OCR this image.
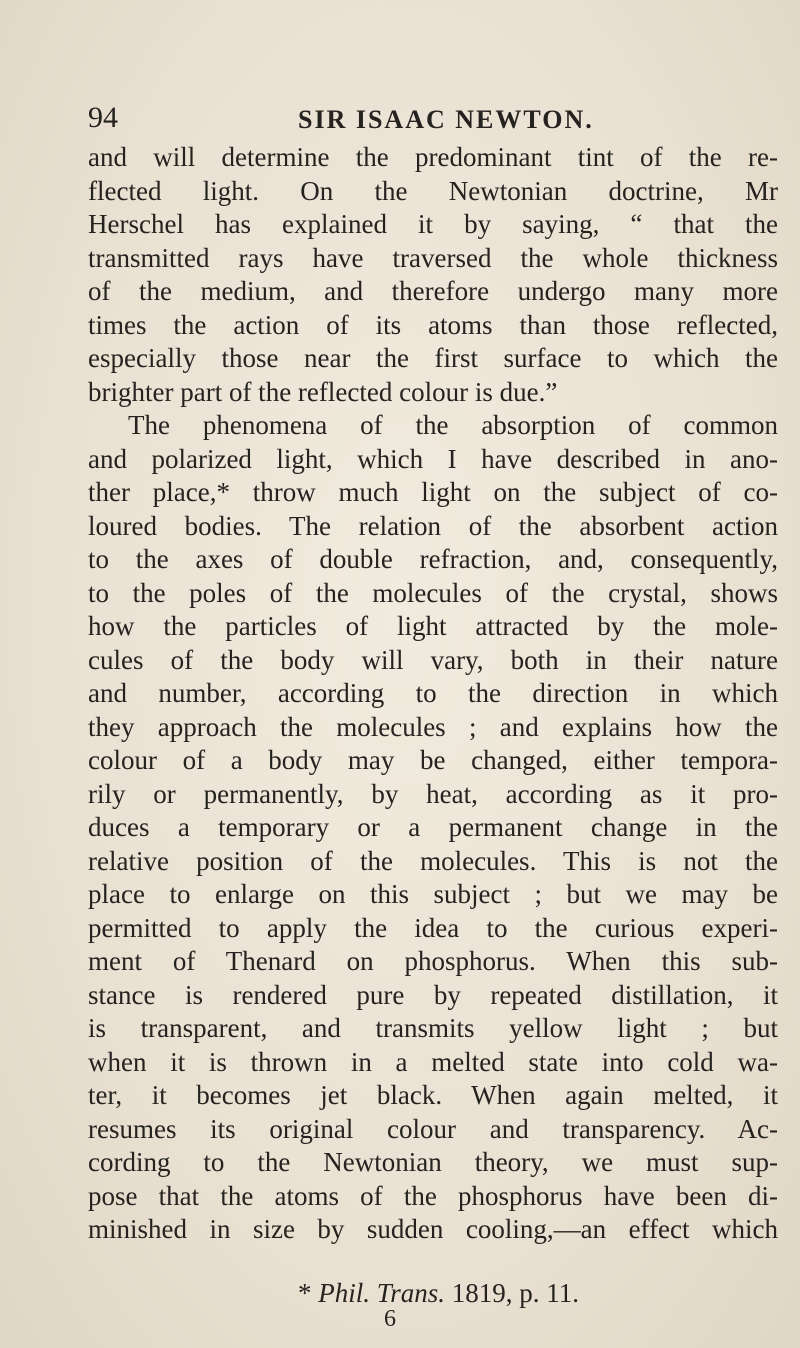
94	SIR ISAAC NEWTON.
and will determine the predominant tint of the re-
flected light. On the Newtonian doctrine, Mr
Herschel has explained it by saying, “ that the
transmitted rays have traversed the whole thickness
of the medium, and therefore undergo many more
times the action of its atoms than those reflected,
especially those near the first surface to which the
brighter part of the reflected colour is due.”
The phenomena of the absorption of common
and polarized light, which I have described in ano-
ther place,* throw much light on the subject of co-
loured bodies. The relation of the absorbent action
to the axes of double refraction, and, consequently,
to the poles of the molecules of the crystal, shows
how the particles of light attracted by the mole-
cules of the body will vary, both in their nature
and number, according to the direction in which
they approach the molecules ; and explains how the
colour of a body may be changed, either tempora-
rily or permanently, by heat, according as it pro-
duces a temporary or a permanent change in the
relative position of the molecules. This is not the
place to enlarge on this subject ; but we may be
permitted to apply the idea to the curious experi-
ment of Thenard on phosphorus. When this sub-
stance is rendered pure by repeated distillation, it
is transparent, and transmits yellow light ; but
when it is thrown in a melted state into cold wa-
ter, it becomes jet black. When again melted, it
resumes its original colour and transparency. Ac-
cording to the Newtonian theory, we must sup-
pose that the atoms of the phosphorus have been di-
minished in size by sudden cooling,—an effect which
* Phil. Trans. 1819, p. 11.
6
